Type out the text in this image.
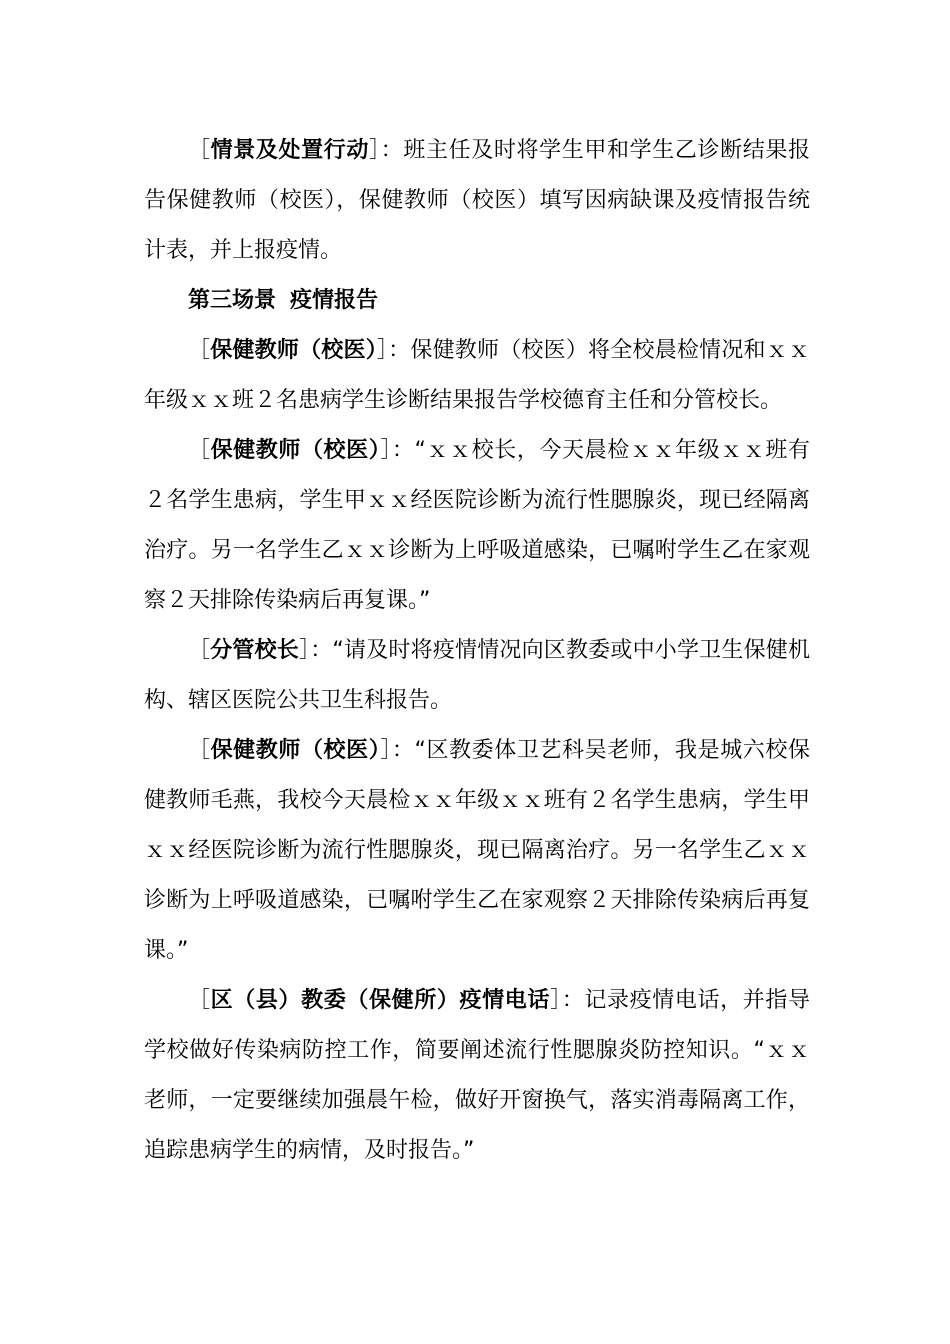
［情景及处置行动］：班主任及时将学生甲和学生乙诊断结果报告保健教师（校医），保健教师（校医）填写因病缺课及疫情报告统计表，并上报疫情。

第三场景 疫情报告

［保健教师（校医）］：保健教师（校医）将全校晨检情况和ｘｘ年级ｘｘ班２名患病学生诊断结果报告学校德育主任和分管校长。

［保健教师（校医）］：“ｘｘ校长，今天晨检ｘｘ年级ｘｘ班有２名学生患病，学生甲ｘｘ经医院诊断为流行性腮腺炎，现已经隔离治疗。另一名学生乙ｘｘ诊断为上呼吸道感染，已嘱咐学生乙在家观察２天排除传染病后再复课。”

［分管校长］：“请及时将疫情情况向区教委或中小学卫生保健机构、辖区医院公共卫生科报告。

［保健教师（校医）］：“区教委体卫艺科吴老师，我是城六校保健教师毛燕，我校今天晨检ｘｘ年级ｘｘ班有２名学生患病，学生甲ｘｘ经医院诊断为流行性腮腺炎，现已隔离治疗。另一名学生乙ｘｘ诊断为上呼吸道感染，已嘱咐学生乙在家观察２天排除传染病后再复课。”

［区（县）教委（保健所）疫情电话］：记录疫情电话，并指导学校做好传染病防控工作，简要阐述流行性腮腺炎防控知识。“ｘｘ老师，一定要继续加强晨午检，做好开窗换气，落实消毒隔离工作，追踪患病学生的病情，及时报告。”
